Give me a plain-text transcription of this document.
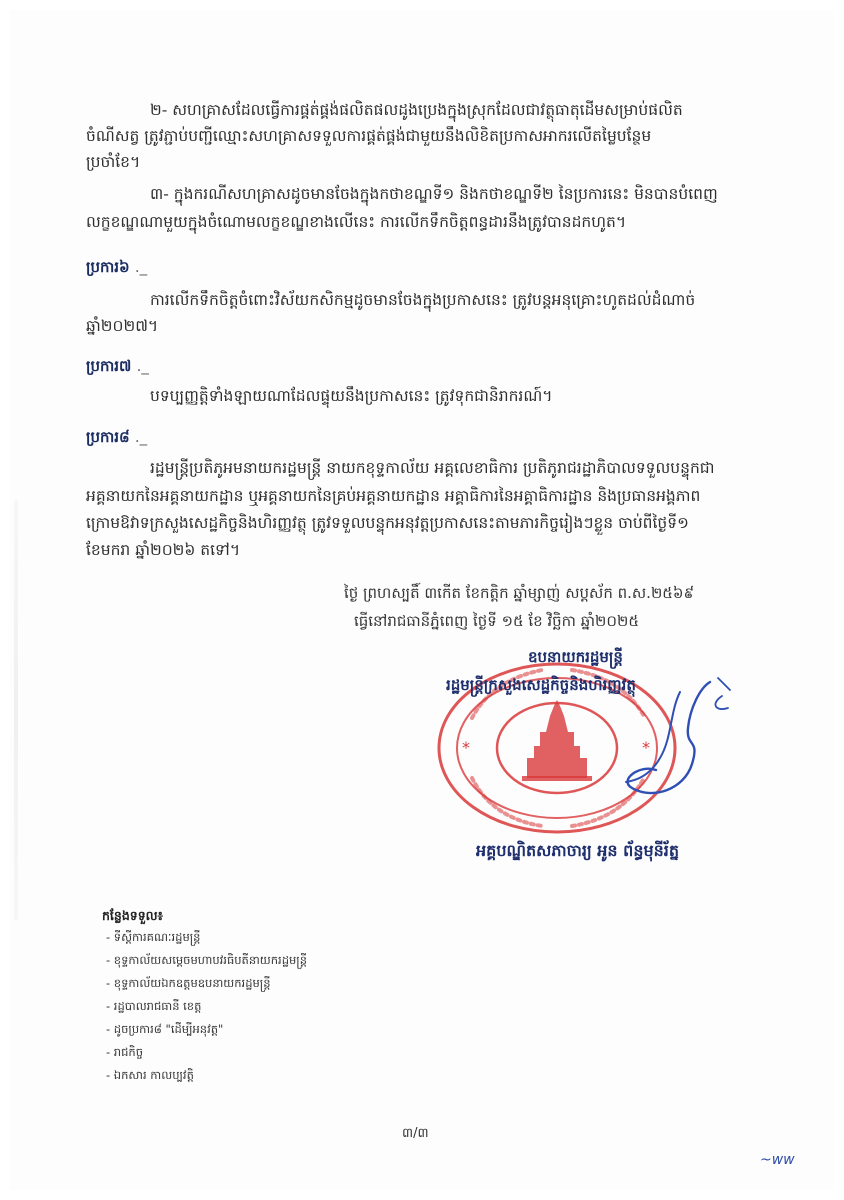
២- សហគ្រាសដែលធ្វើការផ្គត់ផ្គង់ផលិតផលដូងប្រេងក្នុងស្រុកដែលជាវត្ថុធាតុដើមសម្រាប់ផលិត
ចំណីសត្វ ត្រូវភ្ជាប់បញ្ជីឈ្មោះសហគ្រាសទទួលការផ្គត់ផ្គង់ជាមួយនឹងលិខិតប្រកាសអាករលើតម្លៃបន្ថែម
ប្រចាំខែ។
៣- ក្នុងករណីសហគ្រាសដូចមានចែងក្នុងកថាខណ្ឌទី១ និងកថាខណ្ឌទី២ នៃប្រការនេះ មិនបានបំពេញ
លក្ខខណ្ឌណាមួយក្នុងចំណោមលក្ខខណ្ឌខាងលើនេះ ការលើកទឹកចិត្តពន្ធដារនឹងត្រូវបានដកហូត។
ប្រការ៦ ._
ការលើកទឹកចិត្តចំពោះវិស័យកសិកម្មដូចមានចែងក្នុងប្រកាសនេះ ត្រូវបន្តអនុគ្រោះហូតដល់ដំណាច់
ឆ្នាំ២០២៧។
ប្រការ៧ ._
បទប្បញ្ញត្តិទាំងឡាយណាដែលផ្ទុយនឹងប្រកាសនេះ ត្រូវទុកជានិរាករណ៍។
ប្រការ៨ ._
រដ្ឋមន្ត្រីប្រតិភូអមនាយករដ្ឋមន្ត្រី នាយកខុទ្ទកាល័យ អគ្គលេខាធិការ ប្រតិភូរាជរដ្ឋាភិបាលទទួលបន្ទុកជា
អគ្គនាយកនៃអគ្គនាយកដ្ឋាន ឬអគ្គនាយកនៃគ្រប់អគ្គនាយកដ្ឋាន អគ្គាធិការនៃអគ្គាធិការដ្ឋាន និងប្រធានអង្គភាព
ក្រោមឱវាទក្រសួងសេដ្ឋកិច្ចនិងហិរញ្ញវត្ថុ ត្រូវទទួលបន្ទុកអនុវត្តប្រកាសនេះតាមភារកិច្ចរៀងៗខ្លួន ចាប់ពីថ្ងៃទី១
ខែមករា ឆ្នាំ២០២៦ តទៅ។
ថ្ងៃ ព្រហស្បតិ៍ ៣កើត ខែកត្តិក ឆ្នាំម្សាញ់ សប្តស័ក ព.ស.២៥៦៩
ធ្វើនៅរាជធានីភ្នំពេញ ថ្ងៃទី ១៥ ខែ វិច្ឆិកា ឆ្នាំ២០២៥
*	*
ឧបនាយករដ្ឋមន្ត្រី
រដ្ឋមន្ត្រីក្រសួងសេដ្ឋកិច្ចនិងហិរញ្ញវត្ថុ
អគ្គបណ្ឌិតសភាចារ្យ អូន ព័ន្ធមុនីរ័ត្ន
កន្លែងទទួល៖
- ទីស្តីការគណៈរដ្ឋមន្ត្រី
- ខុទ្ទកាល័យសម្តេចមហាបវរធិបតីនាយករដ្ឋមន្ត្រី
- ខុទ្ទកាល័យឯកឧត្តមឧបនាយករដ្ឋមន្ត្រី
- រដ្ឋបាលរាជធានី ខេត្ត
- ដូចប្រការ៨ "ដើម្បីអនុវត្ត"
- រាជកិច្ច
- ឯកសារ កាលប្បវត្តិ
៣/៣
~ww
